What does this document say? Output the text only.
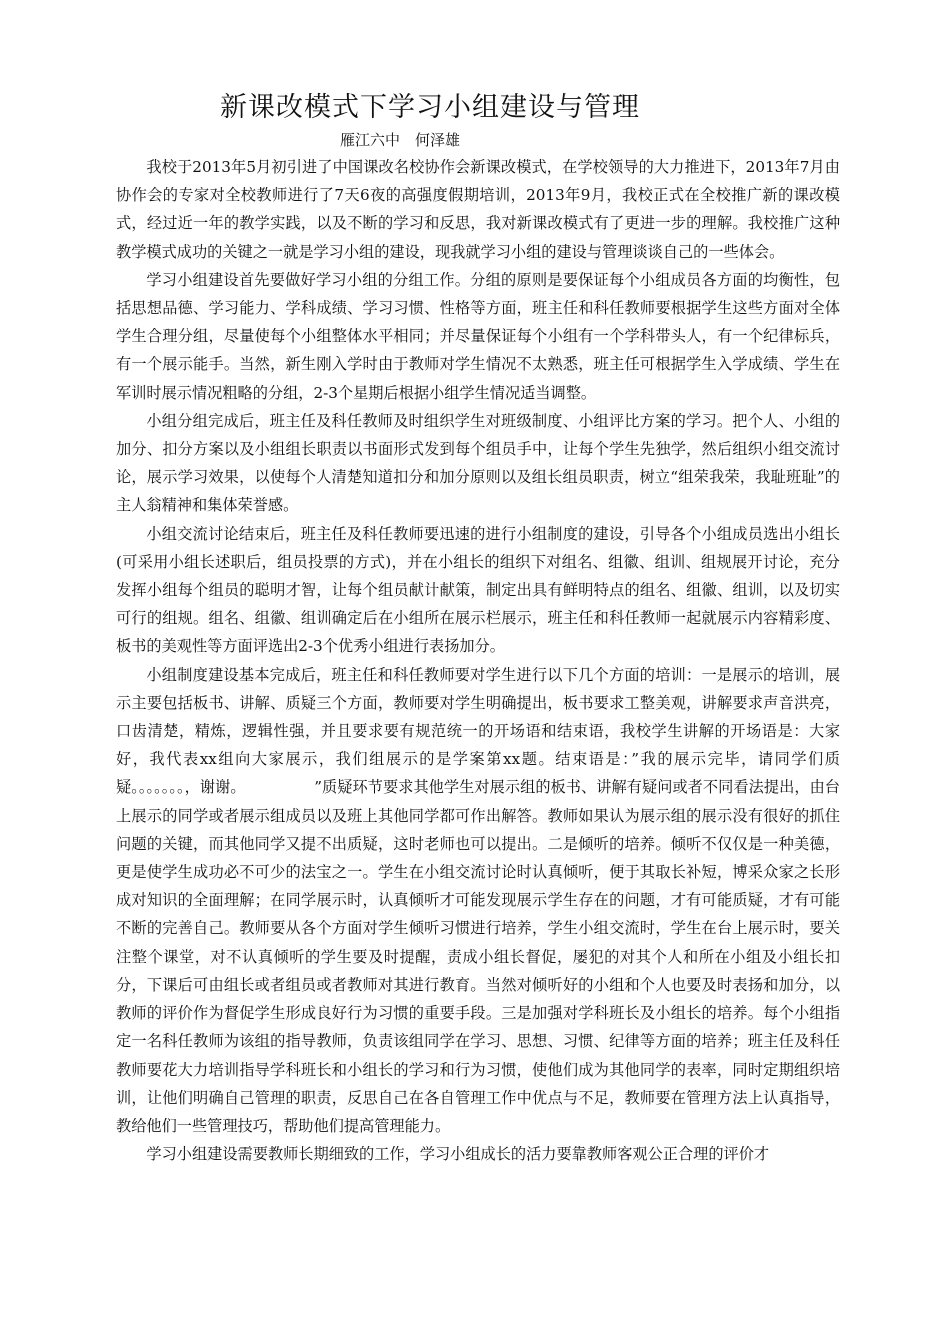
新课改模式下学习小组建设与管理
雁江六中　何泽雄

我校于2013年5月初引进了中国课改名校协作会新课改模式，在学校领导的大力推进下，2013年7月由协作会的专家对全校教师进行了7天6夜的高强度假期培训，2013年9月，我校正式在全校推广新的课改模式，经过近一年的教学实践，以及不断的学习和反思，我对新课改模式有了更进一步的理解。我校推广这种教学模式成功的关键之一就是学习小组的建设，现我就学习小组的建设与管理谈谈自己的一些体会。

学习小组建设首先要做好学习小组的分组工作。分组的原则是要保证每个小组成员各方面的均衡性，包括思想品德、学习能力、学科成绩、学习习惯、性格等方面，班主任和科任教师要根据学生这些方面对全体学生合理分组，尽量使每个小组整体水平相同；并尽量保证每个小组有一个学科带头人，有一个纪律标兵，有一个展示能手。当然，新生刚入学时由于教师对学生情况不太熟悉，班主任可根据学生入学成绩、学生在军训时展示情况粗略的分组，2-3个星期后根据小组学生情况适当调整。

小组分组完成后，班主任及科任教师及时组织学生对班级制度、小组评比方案的学习。把个人、小组的加分、扣分方案以及小组组长职责以书面形式发到每个组员手中，让每个学生先独学，然后组织小组交流讨论，展示学习效果，以使每个人清楚知道扣分和加分原则以及组长组员职责，树立“组荣我荣，我耻班耻”的主人翁精神和集体荣誉感。

小组交流讨论结束后，班主任及科任教师要迅速的进行小组制度的建设，引导各个小组成员选出小组长(可采用小组长述职后，组员投票的方式)，并在小组长的组织下对组名、组徽、组训、组规展开讨论，充分发挥小组每个组员的聪明才智，让每个组员献计献策，制定出具有鲜明特点的组名、组徽、组训，以及切实可行的组规。组名、组徽、组训确定后在小组所在展示栏展示，班主任和科任教师一起就展示内容精彩度、板书的美观性等方面评选出2-3个优秀小组进行表扬加分。

小组制度建设基本完成后，班主任和科任教师要对学生进行以下几个方面的培训：一是展示的培训，展示主要包括板书、讲解、质疑三个方面，教师要对学生明确提出，板书要求工整美观，讲解要求声音洪亮，口齿清楚，精炼，逻辑性强，并且要求要有规范统一的开场语和结束语，我校学生讲解的开场语是：大家好，我代表xx组向大家展示，我们组展示的是学案第xx题。结束语是：”我的展示完毕，请同学们质疑。。。。。。。，谢谢。　　　　　”质疑环节要求其他学生对展示组的板书、讲解有疑问或者不同看法提出，由台上展示的同学或者展示组成员以及班上其他同学都可作出解答。教师如果认为展示组的展示没有很好的抓住问题的关键，而其他同学又提不出质疑，这时老师也可以提出。二是倾听的培养。倾听不仅仅是一种美德，更是使学生成功必不可少的法宝之一。学生在小组交流讨论时认真倾听，便于其取长补短，博采众家之长形成对知识的全面理解；在同学展示时，认真倾听才可能发现展示学生存在的问题，才有可能质疑，才有可能不断的完善自己。教师要从各个方面对学生倾听习惯进行培养，学生小组交流时，学生在台上展示时，要关注整个课堂，对不认真倾听的学生要及时提醒，责成小组长督促，屡犯的对其个人和所在小组及小组长扣分，下课后可由组长或者组员或者教师对其进行教育。当然对倾听好的小组和个人也要及时表扬和加分，以教师的评价作为督促学生形成良好行为习惯的重要手段。三是加强对学科班长及小组长的培养。每个小组指定一名科任教师为该组的指导教师，负责该组同学在学习、思想、习惯、纪律等方面的培养；班主任及科任教师要花大力培训指导学科班长和小组长的学习和行为习惯，使他们成为其他同学的表率，同时定期组织培训，让他们明确自己管理的职责，反思自己在各自管理工作中优点与不足，教师要在管理方法上认真指导，教给他们一些管理技巧，帮助他们提高管理能力。

学习小组建设需要教师长期细致的工作，学习小组成长的活力要靠教师客观公正合理的评价才
